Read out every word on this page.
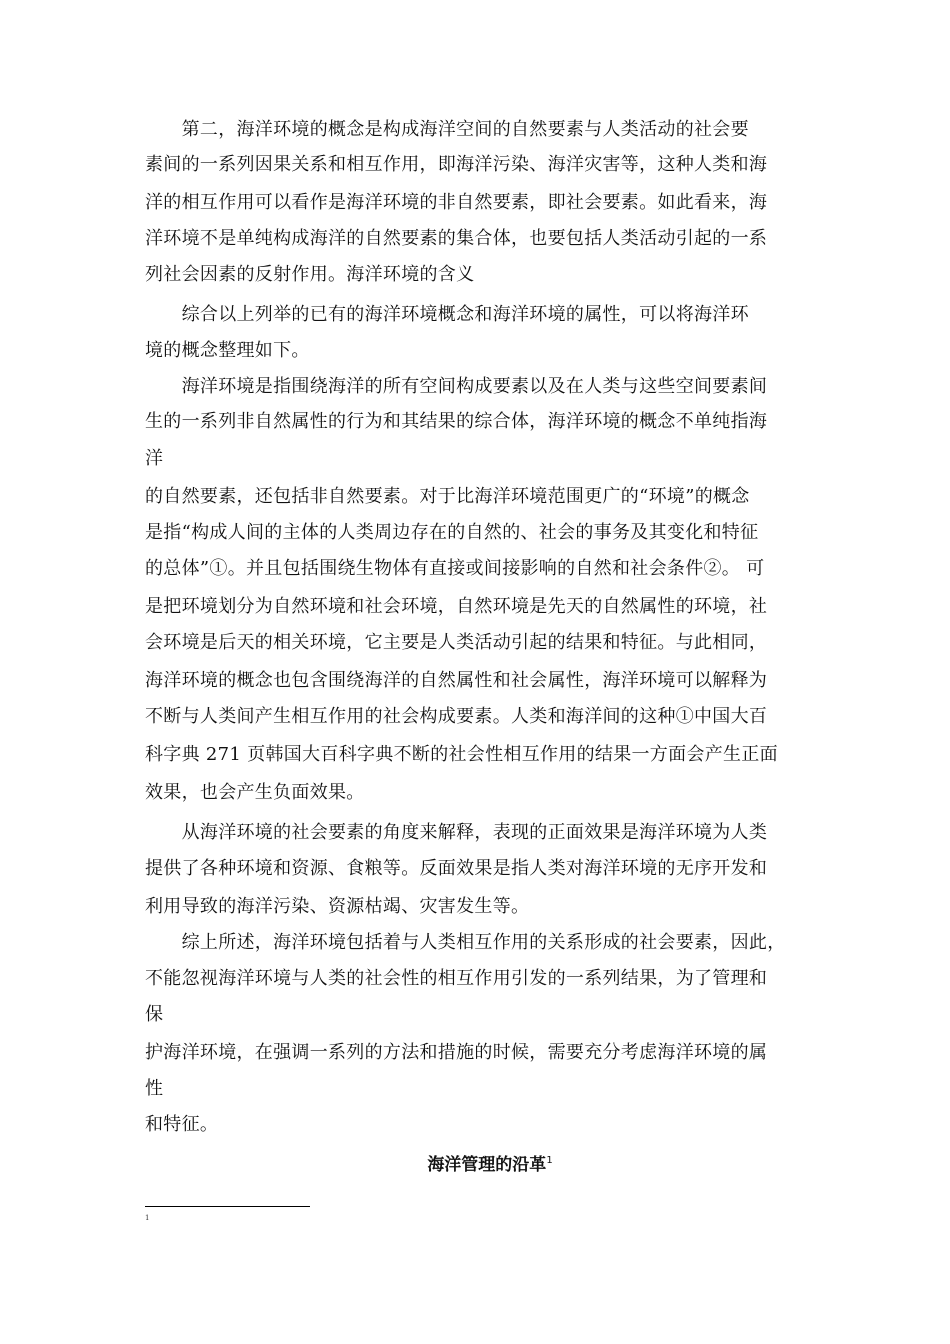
　　第二，海洋环境的概念是构成海洋空间的自然要素与人类活动的社会要
素间的一系列因果关系和相互作用，即海洋污染、海洋灾害等，这种人类和海
洋的相互作用可以看作是海洋环境的非自然要素，即社会要素。如此看来，海
洋环境不是单纯构成海洋的自然要素的集合体，也要包括人类活动引起的一系
列社会因素的反射作用。海洋环境的含义
　　综合以上列举的已有的海洋环境概念和海洋环境的属性，可以将海洋环
境的概念整理如下。
　　海洋环境是指围绕海洋的所有空间构成要素以及在人类与这些空间要素间
生的一系列非自然属性的行为和其结果的综合体，海洋环境的概念不单纯指海
洋
的自然要素，还包括非自然要素。对于比海洋环境范围更广的“环境”的概念
是指“构成人间的主体的人类周边存在的自然的、社会的事务及其变化和特征
的总体”①。并且包括围绕生物体有直接或间接影响的自然和社会条件②。 可
是把环境划分为自然环境和社会环境，自然环境是先天的自然属性的环境，社
会环境是后天的相关环境，它主要是人类活动引起的结果和特征。与此相同，
海洋环境的概念也包含围绕海洋的自然属性和社会属性，海洋环境可以解释为
不断与人类间产生相互作用的社会构成要素。人类和海洋间的这种①中国大百
科字典 271 页韩国大百科字典不断的社会性相互作用的结果一方面会产生正面
效果，也会产生负面效果。
　　从海洋环境的社会要素的角度来解释，表现的正面效果是海洋环境为人类
提供了各种环境和资源、食粮等。反面效果是指人类对海洋环境的无序开发和
利用导致的海洋污染、资源枯竭、灾害发生等。
　　综上所述，海洋环境包括着与人类相互作用的关系形成的社会要素，因此，
不能忽视海洋环境与人类的社会性的相互作用引发的一系列结果，为了管理和
保
护海洋环境，在强调一系列的方法和措施的时候，需要充分考虑海洋环境的属
性
和特征。
海洋管理的沿革$^1$
1
